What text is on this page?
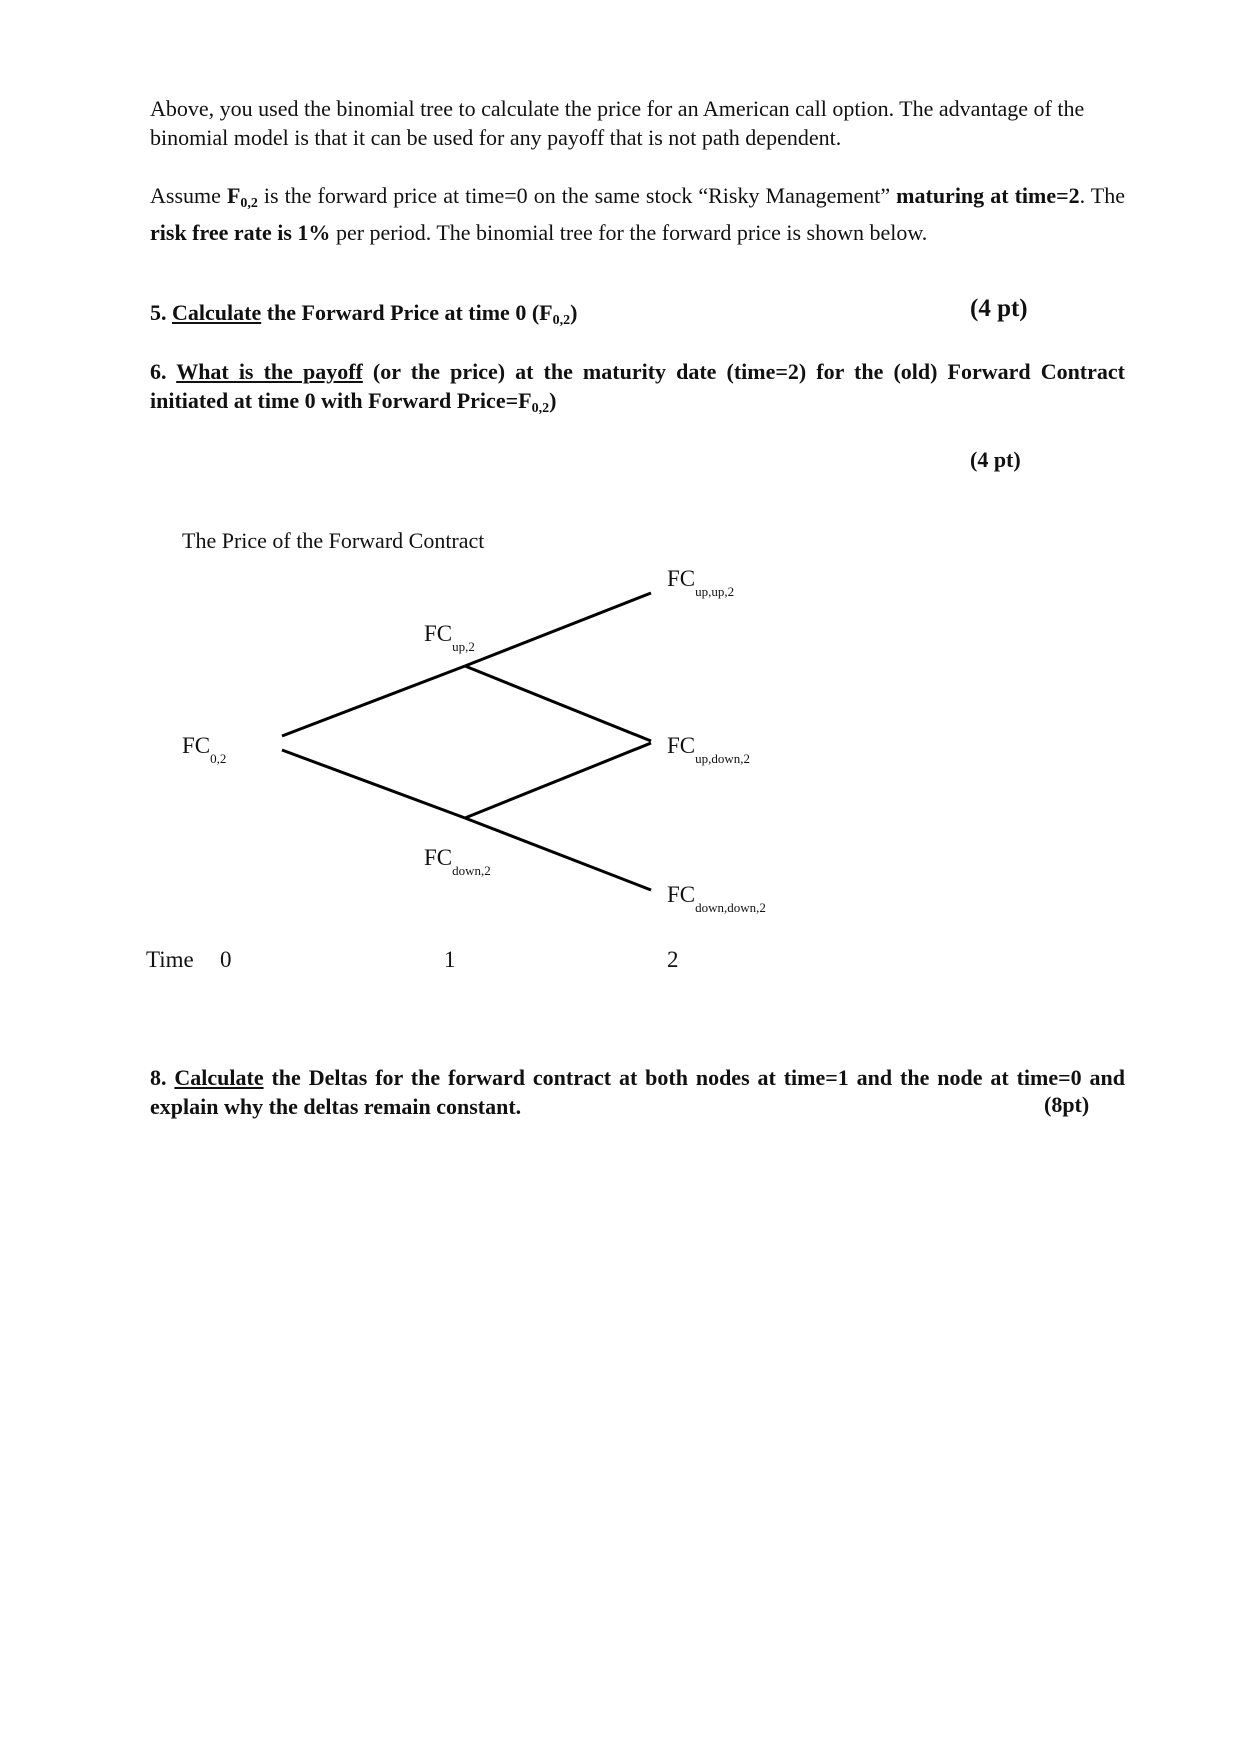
Above, you used the binomial tree to calculate the price for an American call option. The advantage of the binomial model is that it can be used for any payoff that is not path dependent.

Assume $F_{0,2}$ is the forward price at time=0 on the same stock “Risky Management” maturing at time=2. The risk free rate is 1% per period. The binomial tree for the forward price is shown below.

5. Calculate the Forward Price at time 0 $(F_{0,2})$	(4 pt)

6. What is the payoff (or the price) at the maturity date (time=2) for the (old) Forward Contract initiated at time 0 with Forward $Price=F_{0,2}$)

(4 pt)
The Price of the Forward Contract
$FC_{0,2}$
$FC_{up,2}$
$FC_{down,2}$
$FC_{up,up,2}$
$FC_{up,down,2}$
$FC_{down,down,2}$
Time 0	1	2

8. Calculate the Deltas for the forward contract at both nodes at time=1 and the node at time=0 and explain why the deltas remain constant.	(8pt)
